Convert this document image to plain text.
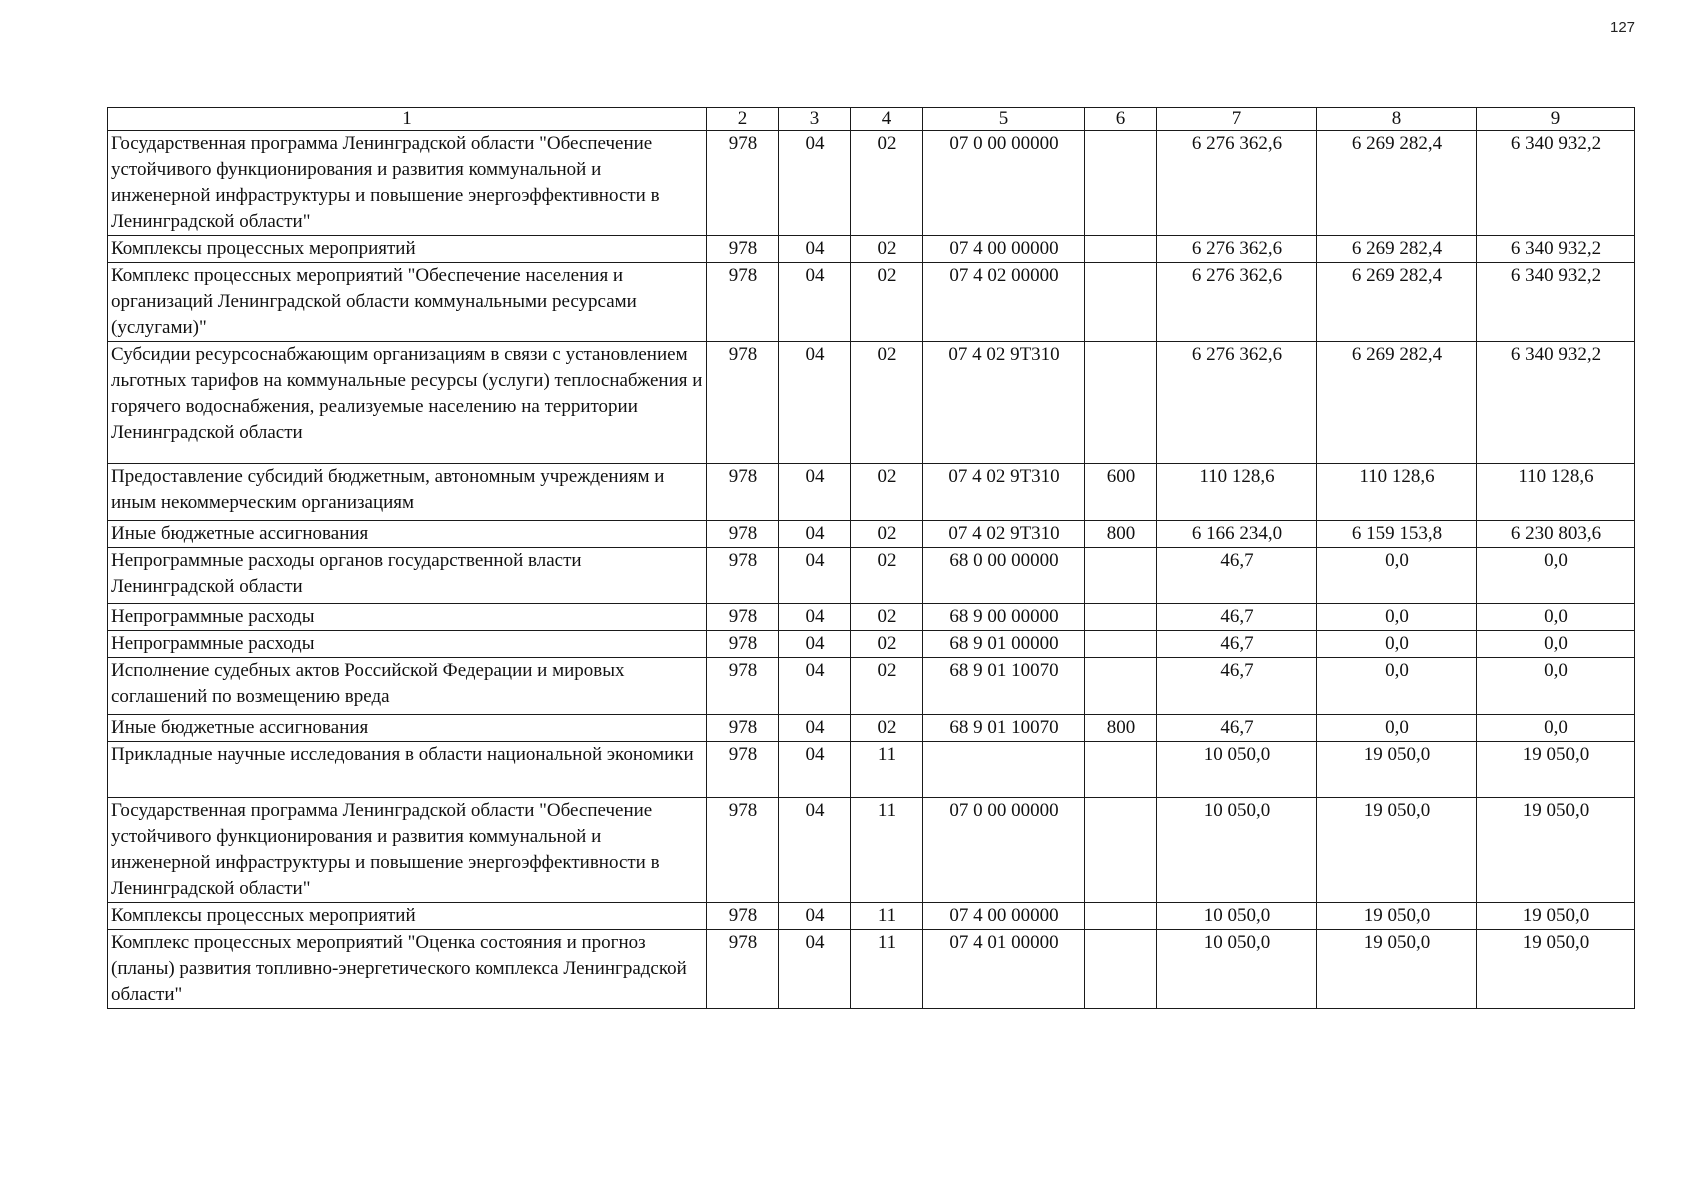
127
1	2	3	4	5	6	7	8	9
Государственная программа Ленинградской области "Обеспечение устойчивого функционирования и развития коммунальной и инженерной инфраструктуры и повышение энергоэффективности в Ленинградской области"	978	04	02	07 0 00 00000		6 276 362,6	6 269 282,4	6 340 932,2
Комплексы процессных мероприятий	978	04	02	07 4 00 00000		6 276 362,6	6 269 282,4	6 340 932,2
Комплекс процессных мероприятий "Обеспечение населения и организаций Ленинградской области коммунальными ресурсами (услугами)"	978	04	02	07 4 02 00000		6 276 362,6	6 269 282,4	6 340 932,2
Субсидии ресурсоснабжающим организациям в связи с установлением льготных тарифов на коммунальные ресурсы (услуги) теплоснабжения и горячего водоснабжения, реализуемые населению на территории Ленинградской области	978	04	02	07 4 02 9Т310		6 276 362,6	6 269 282,4	6 340 932,2
Предоставление субсидий бюджетным, автономным учреждениям и иным некоммерческим организациям	978	04	02	07 4 02 9Т310	600	110 128,6	110 128,6	110 128,6
Иные бюджетные ассигнования	978	04	02	07 4 02 9Т310	800	6 166 234,0	6 159 153,8	6 230 803,6
Непрограммные расходы органов государственной власти Ленинградской области	978	04	02	68 0 00 00000		46,7	0,0	0,0
Непрограммные расходы	978	04	02	68 9 00 00000		46,7	0,0	0,0
Непрограммные расходы	978	04	02	68 9 01 00000		46,7	0,0	0,0
Исполнение судебных актов Российской Федерации и мировых соглашений по возмещению вреда	978	04	02	68 9 01 10070		46,7	0,0	0,0
Иные бюджетные ассигнования	978	04	02	68 9 01 10070	800	46,7	0,0	0,0
Прикладные научные исследования в области национальной экономики	978	04	11			10 050,0	19 050,0	19 050,0
Государственная программа Ленинградской области "Обеспечение устойчивого функционирования и развития коммунальной и инженерной инфраструктуры и повышение энергоэффективности в Ленинградской области"	978	04	11	07 0 00 00000		10 050,0	19 050,0	19 050,0
Комплексы процессных мероприятий	978	04	11	07 4 00 00000		10 050,0	19 050,0	19 050,0
Комплекс процессных мероприятий "Оценка состояния и прогноз (планы) развития топливно-энергетического комплекса Ленинградской области"	978	04	11	07 4 01 00000		10 050,0	19 050,0	19 050,0
